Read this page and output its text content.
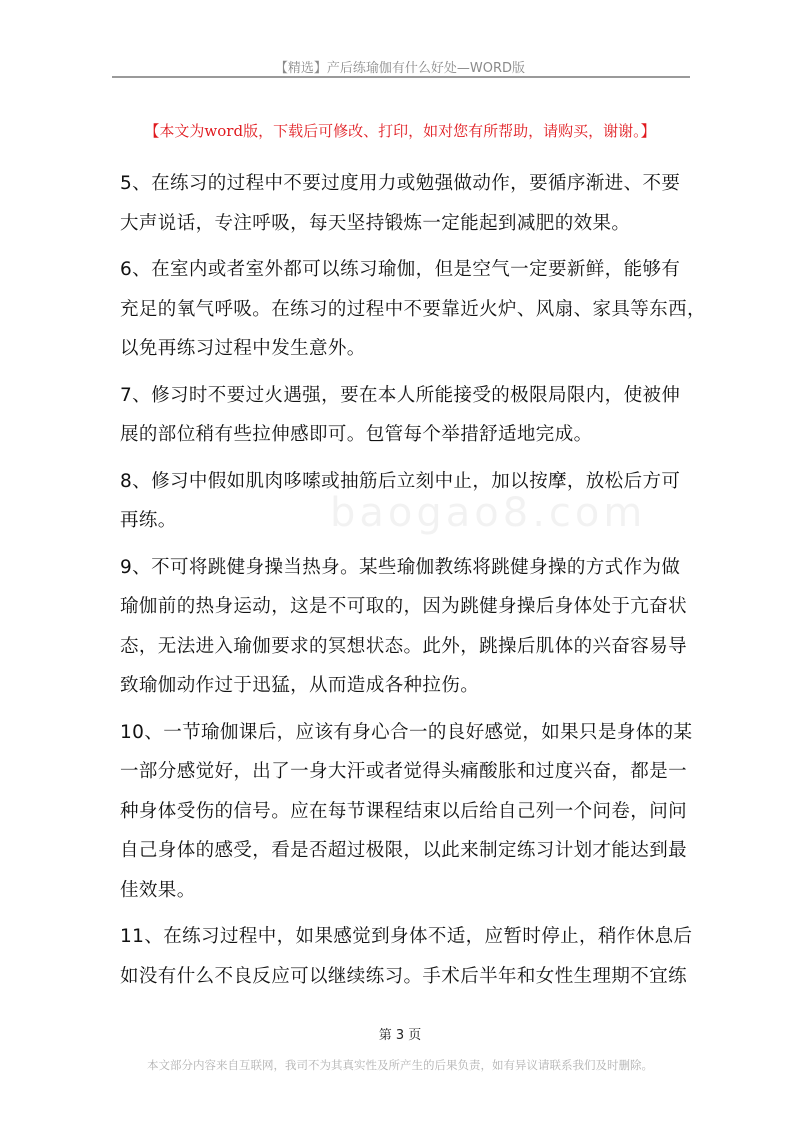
【精选】产后练瑜伽有什么好处—WORD版
【本文为word版，下载后可修改、打印，如对您有所帮助，请购买，谢谢。】
baogao8.com
5、在练习的过程中不要过度用力或勉强做动作，要循序渐进、不要
大声说话，专注呼吸，每天坚持锻炼一定能起到减肥的效果。
6、在室内或者室外都可以练习瑜伽，但是空气一定要新鲜，能够有
充足的氧气呼吸。在练习的过程中不要靠近火炉、风扇、家具等东西，
以免再练习过程中发生意外。
7、修习时不要过火遇强，要在本人所能接受的极限局限内，使被伸
展的部位稍有些拉伸感即可。包管每个举措舒适地完成。
8、修习中假如肌肉哆嗦或抽筋后立刻中止，加以按摩，放松后方可
再练。
9、不可将跳健身操当热身。某些瑜伽教练将跳健身操的方式作为做
瑜伽前的热身运动，这是不可取的，因为跳健身操后身体处于亢奋状
态，无法进入瑜伽要求的冥想状态。此外，跳操后肌体的兴奋容易导
致瑜伽动作过于迅猛，从而造成各种拉伤。
10、一节瑜伽课后，应该有身心合一的良好感觉，如果只是身体的某
一部分感觉好，出了一身大汗或者觉得头痛酸胀和过度兴奋，都是一
种身体受伤的信号。应在每节课程结束以后给自己列一个问卷，问问
自己身体的感受，看是否超过极限，以此来制定练习计划才能达到最
佳效果。
11、在练习过程中，如果感觉到身体不适，应暂时停止，稍作休息后
如没有什么不良反应可以继续练习。手术后半年和女性生理期不宜练
第 3 页
本文部分内容来自互联网，我司不为其真实性及所产生的后果负责，如有异议请联系我们及时删除。
